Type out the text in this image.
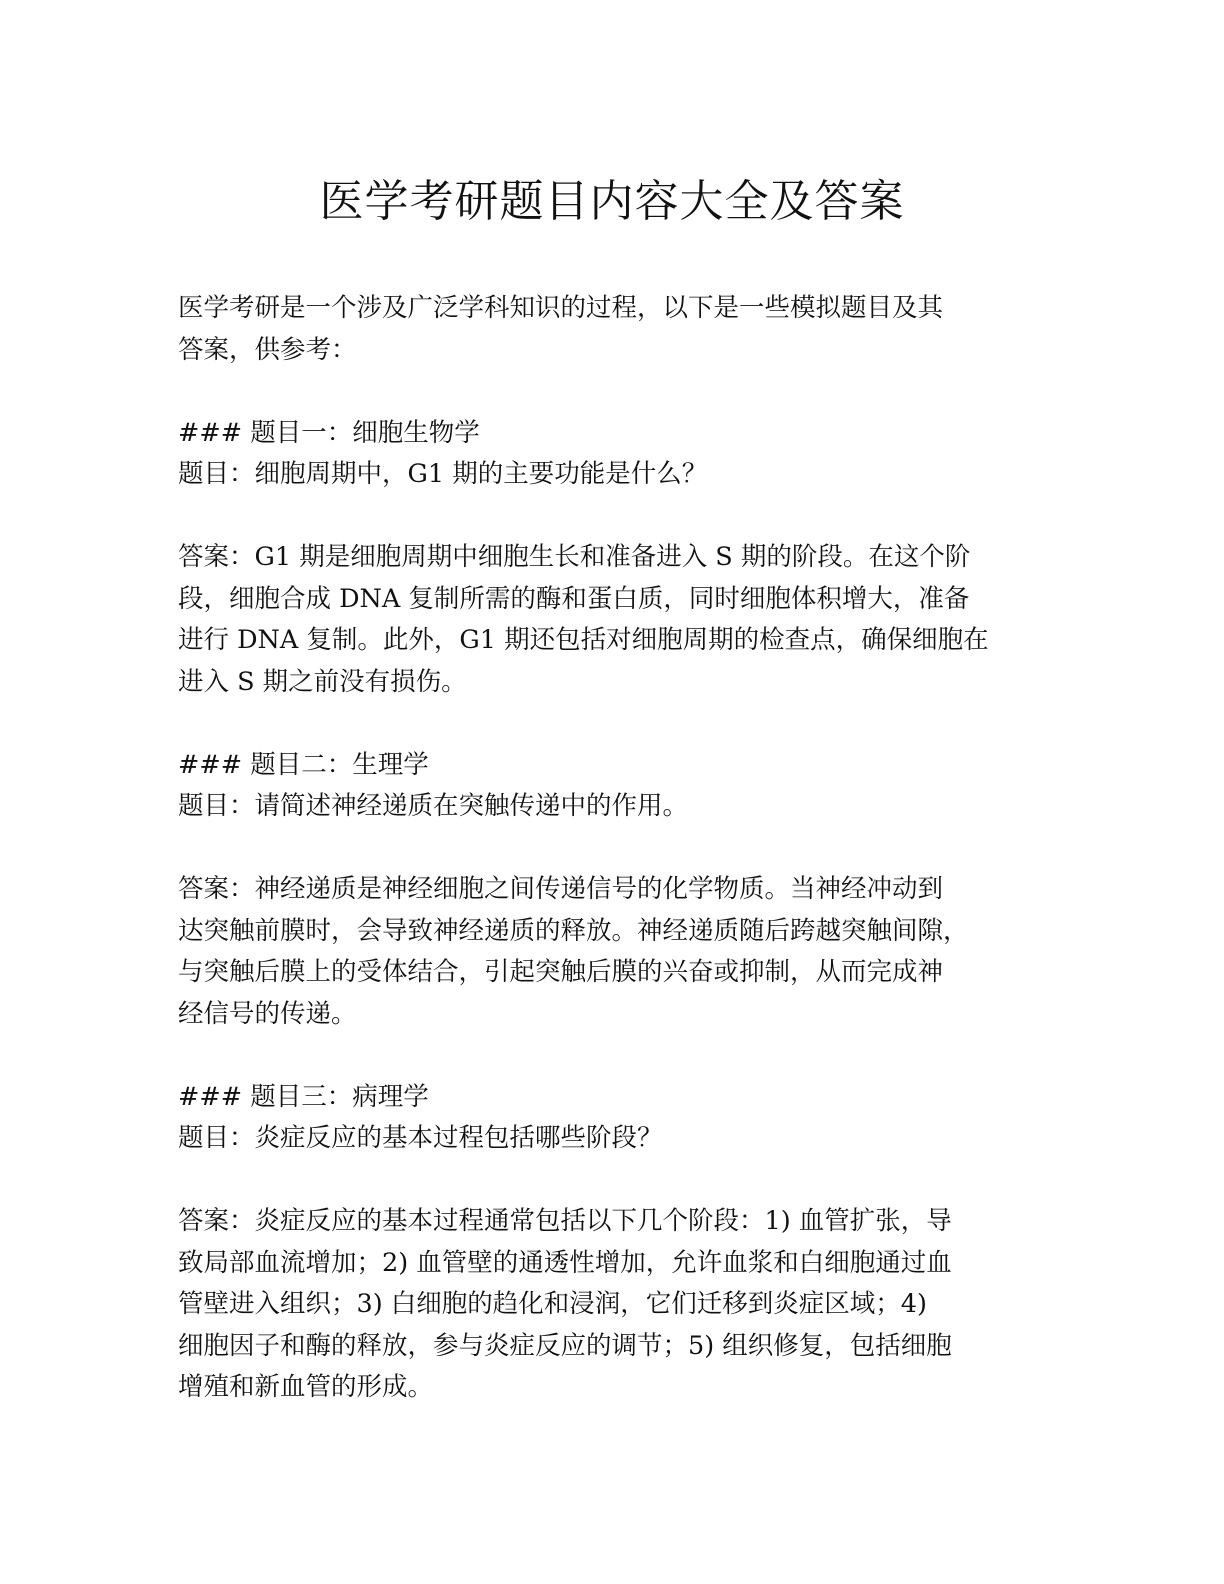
医学考研题目内容大全及答案
医学考研是一个涉及广泛学科知识的过程，以下是一些模拟题目及其
答案，供参考：
### 题目一：细胞生物学
题目：细胞周期中，G1 期的主要功能是什么？
答案：G1 期是细胞周期中细胞生长和准备进入 S 期的阶段。在这个阶
段，细胞合成 DNA 复制所需的酶和蛋白质，同时细胞体积增大，准备
进行 DNA 复制。此外，G1 期还包括对细胞周期的检查点，确保细胞在
进入 S 期之前没有损伤。
### 题目二：生理学
题目：请简述神经递质在突触传递中的作用。
答案：神经递质是神经细胞之间传递信号的化学物质。当神经冲动到
达突触前膜时，会导致神经递质的释放。神经递质随后跨越突触间隙，
与突触后膜上的受体结合，引起突触后膜的兴奋或抑制，从而完成神
经信号的传递。
### 题目三：病理学
题目：炎症反应的基本过程包括哪些阶段？
答案：炎症反应的基本过程通常包括以下几个阶段：1) 血管扩张，导
致局部血流增加；2) 血管壁的通透性增加，允许血浆和白细胞通过血
管壁进入组织；3) 白细胞的趋化和浸润，它们迁移到炎症区域；4)
细胞因子和酶的释放，参与炎症反应的调节；5) 组织修复，包括细胞
增殖和新血管的形成。
